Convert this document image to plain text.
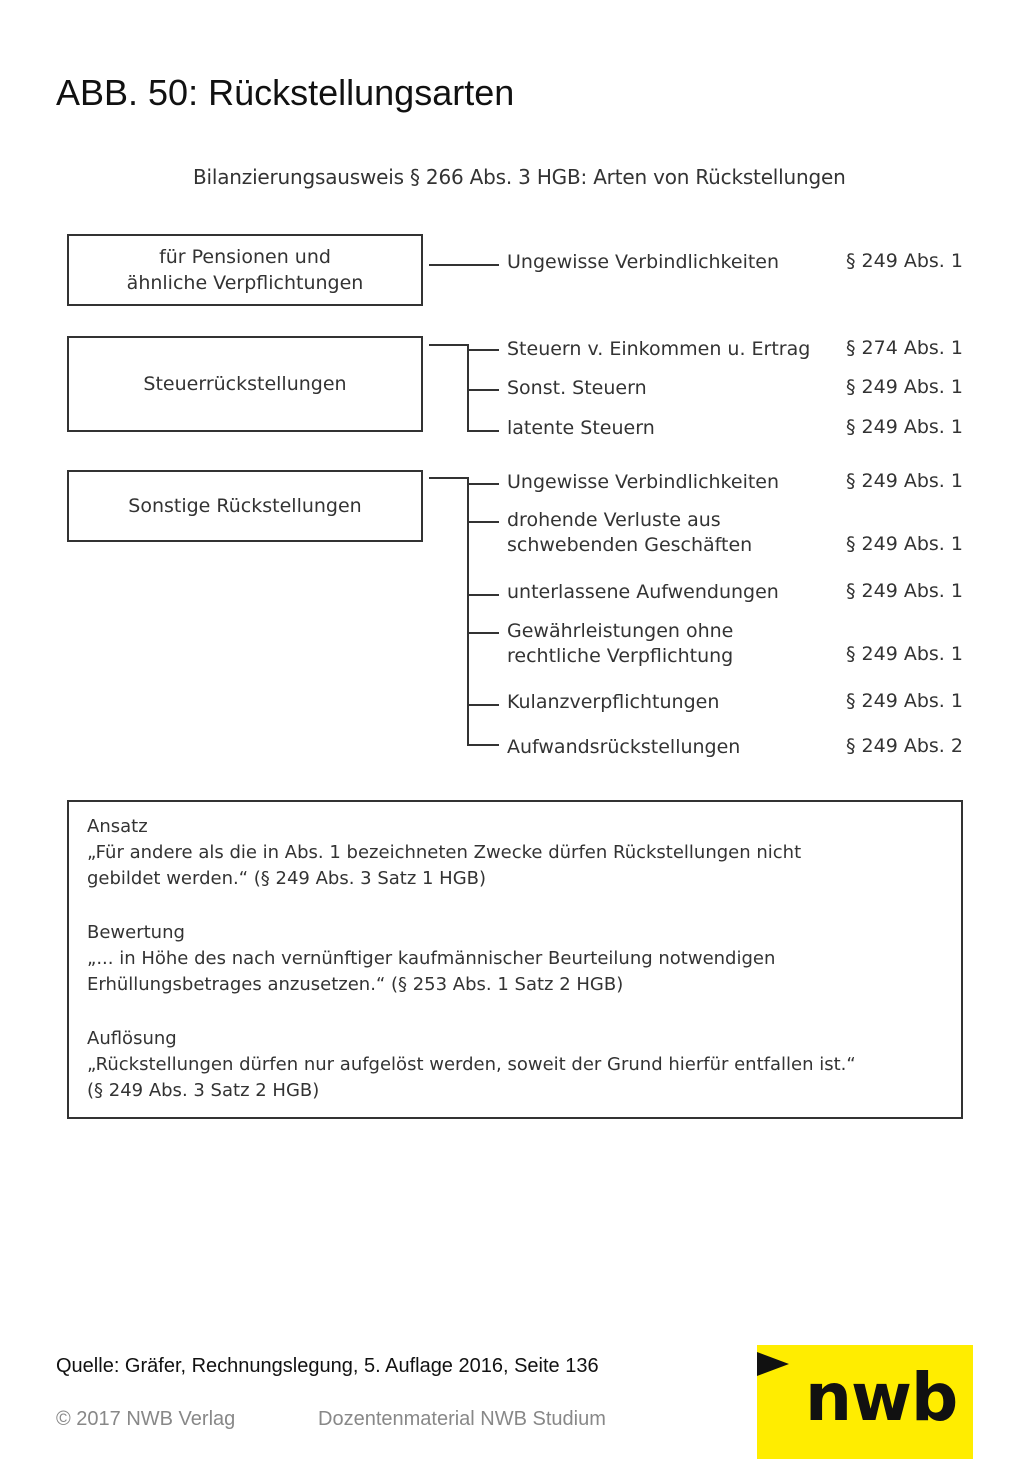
ABB. 50: Rückstellungsarten
Bilanzierungsausweis § 266 Abs. 3 HGB: Arten von Rückstellungen
für Pensionen und
ähnliche Verpflichtungen
Ungewisse Verbindlichkeiten	§ 249 Abs. 1
Steuerrückstellungen
Steuern v. Einkommen u. Ertrag § 274 Abs. 1
Sonst. Steuern	§ 249 Abs. 1
latente Steuern	§ 249 Abs. 1
Sonstige Rückstellungen
Ungewisse Verbindlichkeiten	§ 249 Abs. 1
drohende Verluste aus
schwebenden Geschäften	§ 249 Abs. 1
unterlassene Aufwendungen	§ 249 Abs. 1
Gewährleistungen ohne
rechtliche Verpflichtung	§ 249 Abs. 1
Kulanzverpflichtungen	§ 249 Abs. 1
Aufwandsrückstellungen	§ 249 Abs. 2
Ansatz
„Für andere als die in Abs. 1 bezeichneten Zwecke dürfen Rückstellungen nicht
gebildet werden.“ (§ 249 Abs. 3 Satz 1 HGB)
Bewertung
„... in Höhe des nach vernünftiger kaufmännischer Beurteilung notwendigen
Erhüllungsbetrages anzusetzen.“ (§ 253 Abs. 1 Satz 2 HGB)
Auflösung
„Rückstellungen dürfen nur aufgelöst werden, soweit der Grund hierfür entfallen ist.“
(§ 249 Abs. 3 Satz 2 HGB)
Quelle: Gräfer, Rechnungslegung, 5. Auflage 2016, Seite 136
© 2017 NWB Verlag	Dozentenmaterial NWB Studium	nwb
